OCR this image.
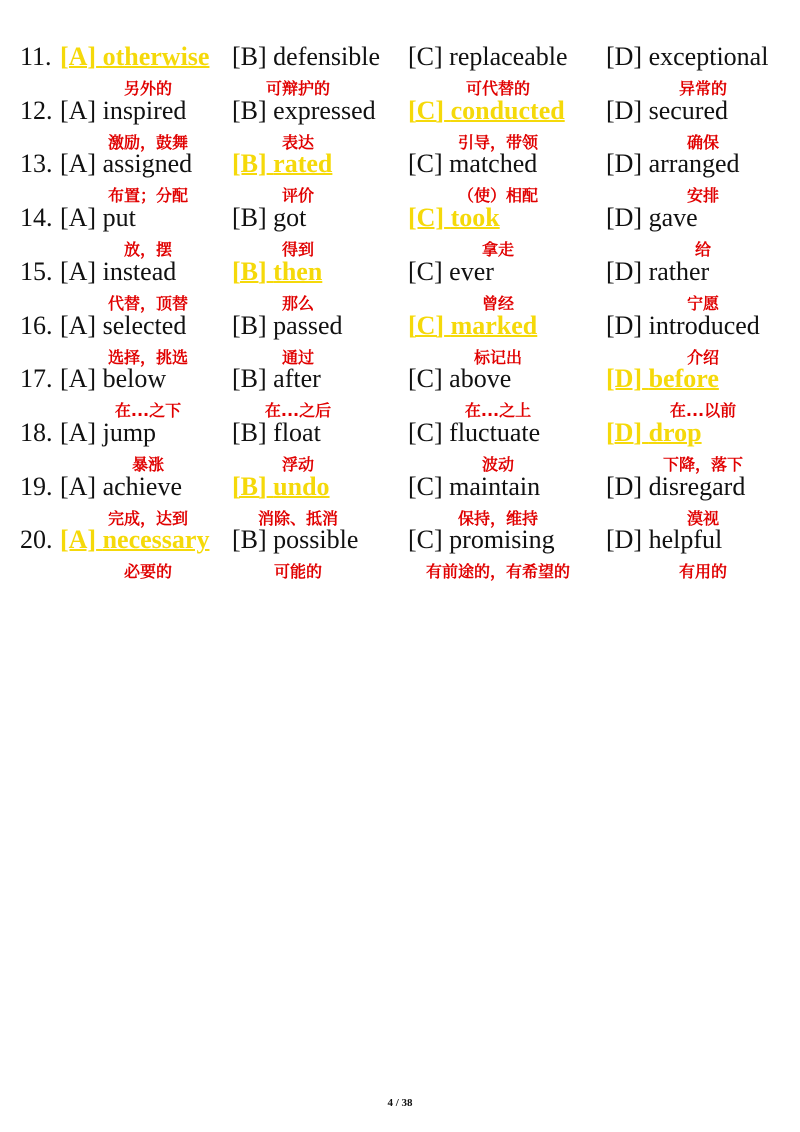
11. [A] otherwise
另外的
[B] defensible
可辩护的
[C] replaceable
可代替的
[D] exceptional
异常的
12. [A] inspired
激励，鼓舞
[B] expressed
表达
[C] conducted
引导，带领
[D] secured
确保
13. [A] assigned
布置；分配
[B] rated
评价
[C] matched
（使）相配
[D] arranged
安排
14. [A] put
放，摆
[B] got
得到
[C] took
拿走
[D] gave
给
15. [A] instead
代替，顶替
[B] then
那么
[C] ever
曾经
[D] rather
宁愿
16. [A] selected
选择，挑选
[B] passed
通过
[C] marked
标记出
[D] introduced
介绍
17. [A] below
在...之下
[B] after
在...之后
[C] above
在...之上
[D] before
在...以前
18. [A] jump
暴涨
[B] float
浮动
[C] fluctuate
波动
[D] drop
下降，落下
19. [A] achieve
完成，达到
[B] undo
消除、抵消
[C] maintain
保持，维持
[D] disregard
漠视
20. [A] necessary
必要的
[B] possible
可能的
[C] promising
有前途的，有希望的
[D] helpful
有用的
4 / 38
